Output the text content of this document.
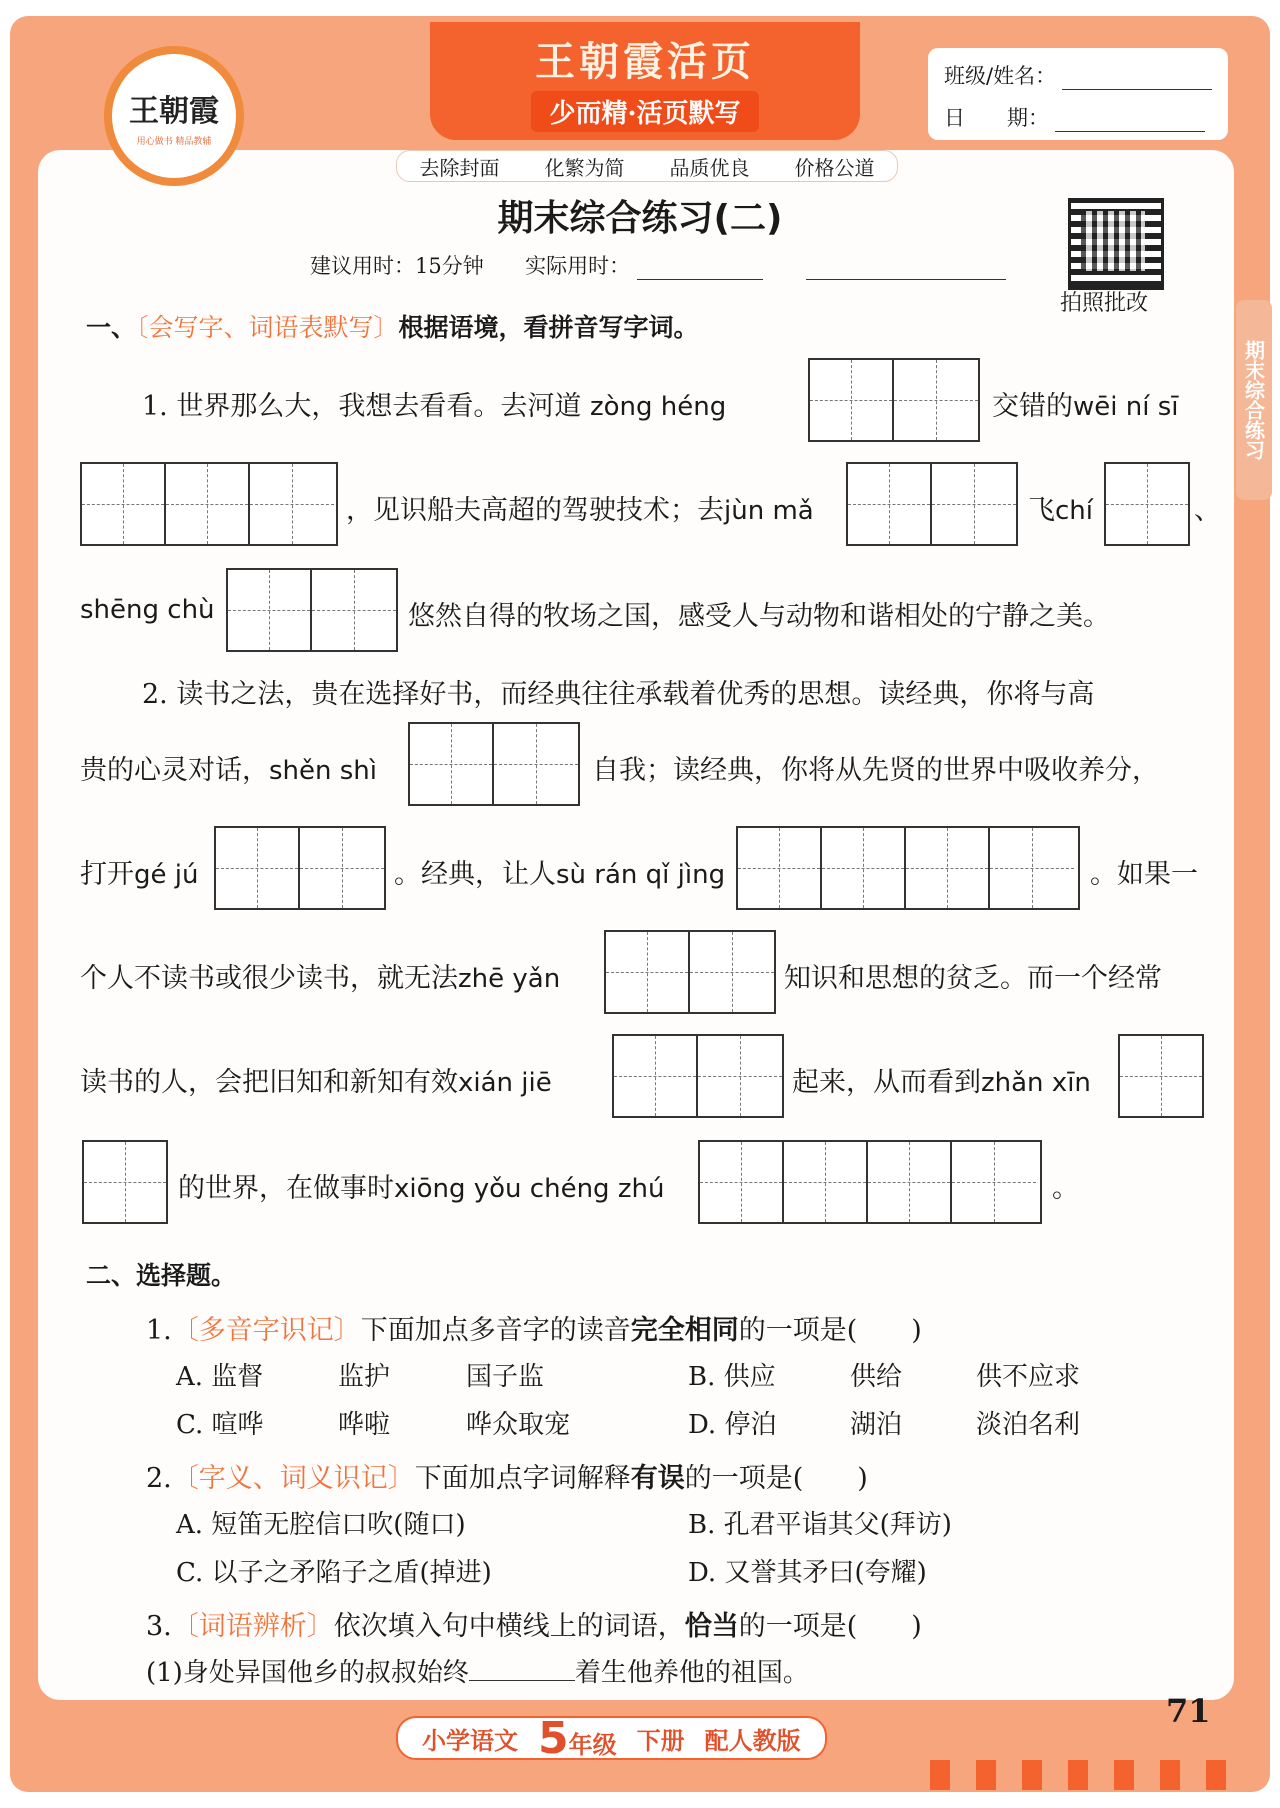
王朝霞
用心做书 精品教辅
王朝霞活页
少而精·活页默写
去除封面 化繁为简 品质优良 价格公道
班级/姓名：
日　　期：
期末综合练习(二)
建议用时：15分钟 实际用时：
拍照批改
期末综合练习
一、〔会写字、词语表默写〕根据语境，看拼音写字词。
1. 世界那么大，我想去看看。去河道 zòng héng	交错的wēi ní sī
，见识船夫高超的驾驶技术；去jùn mǎ	飞chí	、
shēng chù	悠然自得的牧场之国，感受人与动物和谐相处的宁静之美。
2. 读书之法，贵在选择好书，而经典往往承载着优秀的思想。读经典，你将与高
贵的心灵对话，shěn shì	自我；读经典，你将从先贤的世界中吸收养分，
打开gé jú	。经典，让人sù rán qǐ jìng	。如果一
个人不读书或很少读书，就无法zhē yǎn	知识和思想的贫乏。而一个经常
读书的人，会把旧知和新知有效xián jiē	起来，从而看到zhǎn xīn
的世界，在做事时xiōng yǒu chéng zhú	。
二、选择题。
1.〔多音字识记〕下面加点多音字的读音完全相同的一项是(　　)
A. 监督	监护	国子监	B. 供应	供给	供不应求
C. 喧哗	哗啦	哗众取宠	D. 停泊	湖泊	淡泊名利
2.〔字义、词义识记〕下面加点字词解释有误的一项是(　　)
A. 短笛无腔信口吹(随口)	B. 孔君平诣其父(拜访)
C. 以子之矛陷子之盾(掉进)	D. 又誉其矛曰(夸耀)
3.〔词语辨析〕依次填入句中横线上的词语，恰当的一项是(　　)
(1)身处异国他乡的叔叔始终	着生他养他的祖国。
71
小学语文 5年级 下册 配人教版
